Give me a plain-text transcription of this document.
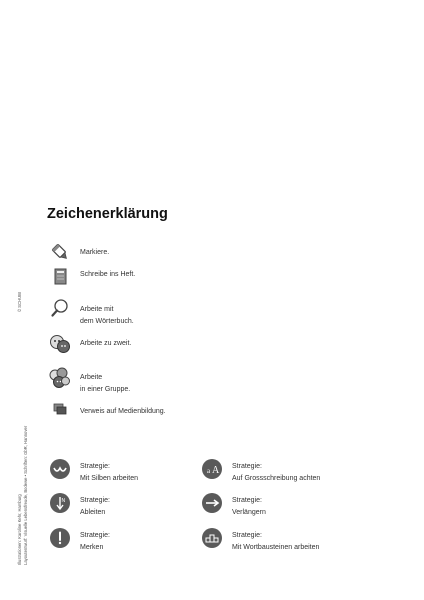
© SCHUBI
Illustrationen: Karoline Kehr, Hamburg Layoutentwurf: Visuelle Lebensfreude, Bodewe • Schriften: GbR, Hannover
Zeichenerklärung
Markiere.
Schreibe ins Heft.
Arbeite mit
dem Wörterbuch.
Arbeite zu zweit.
Arbeite
in einer Gruppe.
Verweis auf Medienbildung.
Strategie:
Mit Silben arbeiten
a A Strategie:
Auf Grossschreibung achten
N Strategie:
Ableiten
Strategie:
Verlängern
Strategie:
Merken
Strategie:
Mit Wortbausteinen arbeiten
